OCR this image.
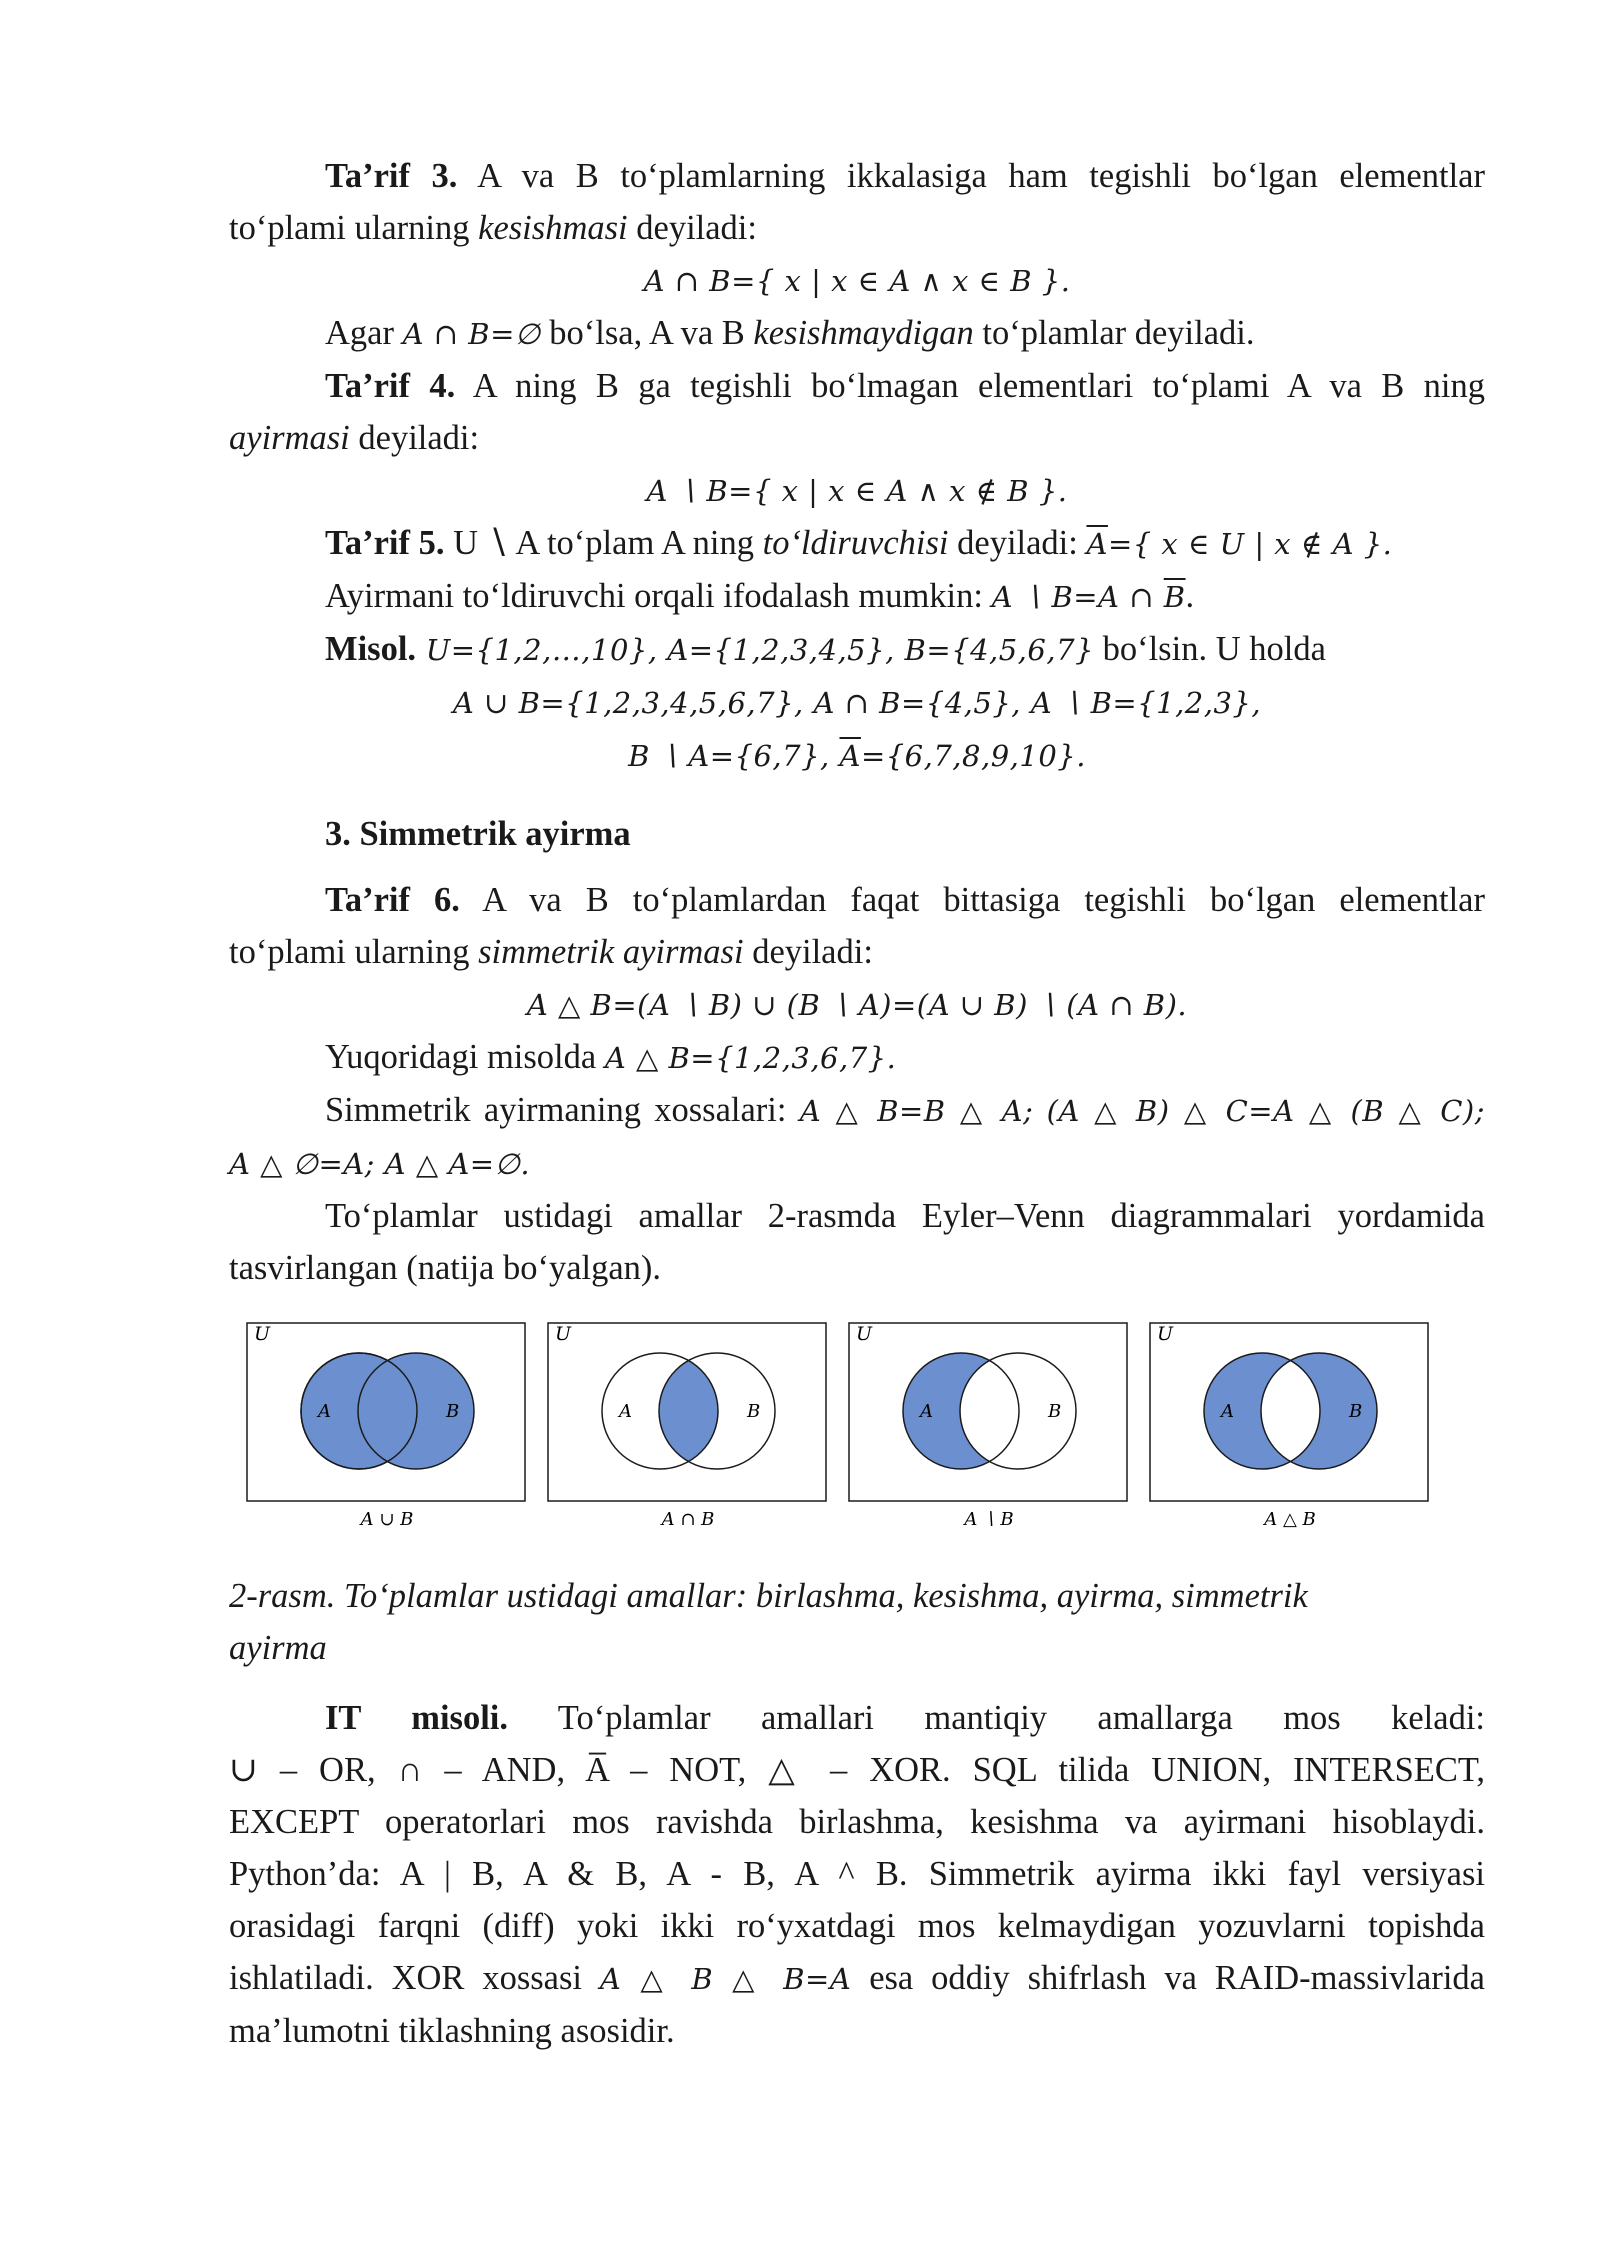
Ta’rif 3. A va B to‘plamlarning ikkalasiga ham tegishli bo‘lgan elementlar

to‘plami ularning kesishmasi deyiladi:

A ∩ B={ x | x ∈ A ∧ x ∈ B }.

Agar A ∩ B=∅ bo‘lsa, A va B kesishmaydigan to‘plamlar deyiladi.

Ta’rif 4. A ning B ga tegishli bo‘lmagan elementlari to‘plami A va B ning

ayirmasi deyiladi:

A ∖ B={ x | x ∈ A ∧ x ∉ B }.

Ta’rif 5. U ∖ A to‘plam A ning to‘ldiruvchisi deyiladi: $\overline{A}=${ x ∈ U | x ∉ A }.

Ayirmani to‘ldiruvchi orqali ifodalash mumkin: A ∖ B=A ∩ $\overline{B}$.

Misol. U={1,2,…,10}, A={1,2,3,4,5}, B={4,5,6,7} bo‘lsin. U holda

A ∪ B={1,2,3,4,5,6,7}, A ∩ B={4,5}, A ∖ B={1,2,3},

B ∖ A={6,7}, $\overline{A}=\{6,7,8,9,10\}$.

3. Simmetrik ayirma

Ta’rif 6. A va B to‘plamlardan faqat bittasiga tegishli bo‘lgan elementlar

to‘plami ularning simmetrik ayirmasi deyiladi:

A △ B=(A ∖ B) ∪ (B ∖ A)=(A ∪ B) ∖ (A ∩ B).

Yuqoridagi misolda A △ B={1,2,3,6,7}.

Simmetrik ayirmaning xossalari: A △ B=B △ A; (A △ B) △ C=A △ (B △ C);

A △ ∅=A; A △ A=∅.

To‘plamlar ustidagi amallar 2-rasmda Eyler–Venn diagrammalari yordamida

tasvirlangan (natija bo‘yalgan).

U
A	B
A ∪ B
U
A	B
A ∩ B
U
A	B
A ∖ B
U
A	B
A △ B
2-rasm. To‘plamlar ustidagi amallar: birlashma, kesishma, ayirma, simmetrik
ayirma

IT misoli. To‘plamlar amallari mantiqiy amallarga mos keladi:

∪ – OR, ∩ – AND, A̅ – NOT, △ – XOR. SQL tilida UNION, INTERSECT,

EXCEPT operatorlari mos ravishda birlashma, kesishma va ayirmani hisoblaydi.

Python’da: A | B, A & B, A - B, A ^ B. Simmetrik ayirma ikki fayl versiyasi

orasidagi farqni (diff) yoki ikki ro‘yxatdagi mos kelmaydigan yozuvlarni topishda

ishlatiladi. XOR xossasi A △ B △ B=A esa oddiy shifrlash va RAID-massivlarida

ma’lumotni tiklashning asosidir.
